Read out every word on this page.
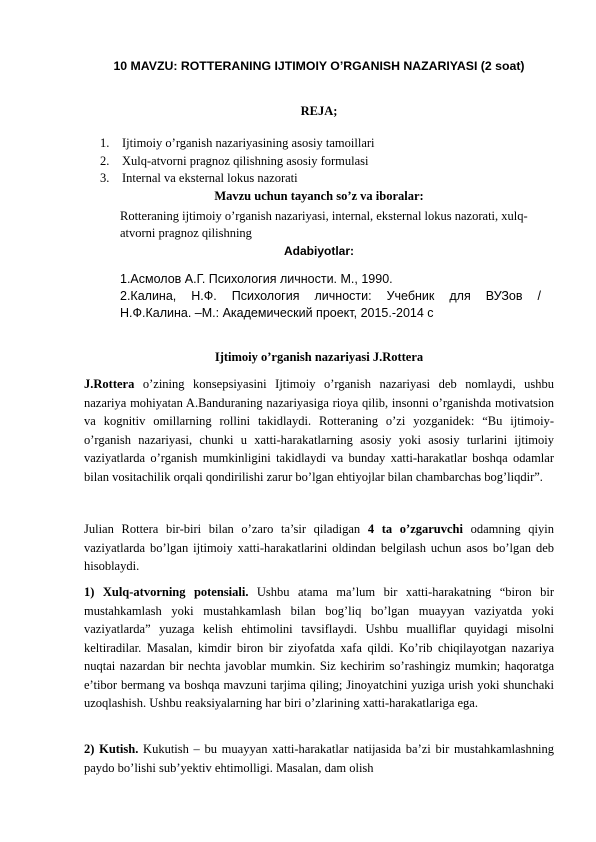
10 MAVZU: ROTTERANING IJTIMOIY O’RGANISH NAZARIYASI (2 soat)
REJA;
1. Ijtimoiy o’rganish nazariyasining asosiy tamoillari
2. Xulq-atvorni pragnoz qilishning asosiy formulasi
3. Internal va eksternal lokus nazorati
Mavzu uchun tayanch so’z va iboralar:
Rotteraning ijtimoiy o’rganish nazariyasi, internal, eksternal lokus nazorati, xulq-atvorni pragnoz qilishning
Adabiyotlar:
1.Асмолов А.Г. Психология личности. М., 1990.
2.Калина, Н.Ф. Психология личности: Учебник для ВУЗов /
Н.Ф.Калина. –М.: Академический проект, 2015.-2014 с
Ijtimoiy o’rganish nazariyasi J.Rottera
J.Rottera o’zining konsepsiyasini Ijtimoiy o’rganish nazariyasi deb nomlaydi, ushbu nazariya mohiyatan A.Banduraning nazariyasiga rioya qilib, insonni o’rganishda motivatsion va kognitiv omillarning rollini takidlaydi. Rotteraning o’zi yozganidek: “Bu ijtimoiy-o’rganish nazariyasi, chunki u xatti-harakatlarning asosiy yoki asosiy turlarini ijtimoiy vaziyatlarda o’rganish mumkinligini takidlaydi va bunday xatti-harakatlar boshqa odamlar bilan vositachilik orqali qondirilishi zarur bo’lgan ehtiyojlar bilan chambarchas bog’liqdir”.
Julian Rottera bir-biri bilan o’zaro ta’sir qiladigan 4 ta o’zgaruvchi odamning qiyin vaziyatlarda bo’lgan ijtimoiy xatti-harakatlarini oldindan belgilash uchun asos bo’lgan deb hisoblaydi.
1) Xulq-atvorning potensiali. Ushbu atama ma’lum bir xatti-harakatning “biron bir mustahkamlash yoki mustahkamlash bilan bog’liq bo’lgan muayyan vaziyatda yoki vaziyatlarda” yuzaga kelish ehtimolini tavsiflaydi. Ushbu mualliflar quyidagi misolni keltiradilar. Masalan, kimdir biron bir ziyofatda xafa qildi. Ko’rib chiqilayotgan nazariya nuqtai nazardan bir nechta javoblar mumkin. Siz kechirim so’rashingiz mumkin; haqoratga e’tibor bermang va boshqa mavzuni tarjima qiling; Jinoyatchini yuziga urish yoki shunchaki uzoqlashish. Ushbu reaksiyalarning har biri o’zlarining xatti-harakatlariga ega.
2) Kutish. Kukutish – bu muayyan xatti-harakatlar natijasida ba’zi bir mustahkamlashning paydo bo’lishi sub’yektiv ehtimolligi. Masalan, dam olish
